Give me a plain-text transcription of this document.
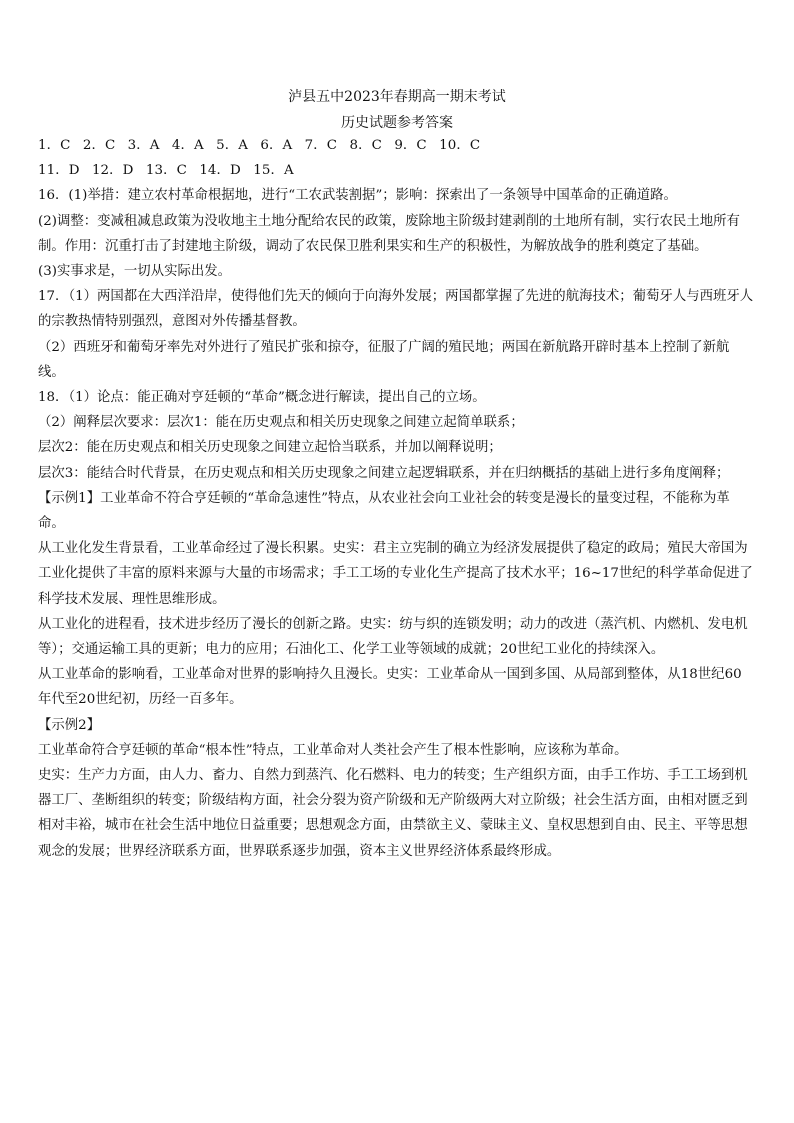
泸县五中2023年春期高一期末考试
历史试题参考答案
1．C 2．C 3．A 4．A 5．A 6．A 7．C 8．C 9．C 10．C
11．D 12．D 13．C 14．D 15．A

16．(1)举措：建立农村革命根据地，进行“工农武装割据”；影响：探索出了一条领导中国革命的正确道路。

(2)调整：变减租减息政策为没收地主土地分配给农民的政策，废除地主阶级封建剥削的土地所有制，实行农民土地所有制。作用：沉重打击了封建地主阶级，调动了农民保卫胜利果实和生产的积极性，为解放战争的胜利奠定了基础。

(3)实事求是，一切从实际出发。

17．（1）两国都在大西洋沿岸，使得他们先天的倾向于向海外发展；两国都掌握了先进的航海技术；葡萄牙人与西班牙人的宗教热情特别强烈，意图对外传播基督教。

（2）西班牙和葡萄牙率先对外进行了殖民扩张和掠夺，征服了广阔的殖民地；两国在新航路开辟时基本上控制了新航线。

18．（1）论点：能正确对亨廷顿的“革命”概念进行解读，提出自己的立场。

（2）阐释层次要求：层次1：能在历史观点和相关历史现象之间建立起简单联系；

层次2：能在历史观点和相关历史现象之间建立起恰当联系，并加以阐释说明；

层次3：能结合时代背景，在历史观点和相关历史现象之间建立起逻辑联系，并在归纳概括的基础上进行多角度阐释；

【示例1】工业革命不符合亨廷顿的“革命急速性”特点，从农业社会向工业社会的转变是漫长的量变过程，不能称为革命。

从工业化发生背景看，工业革命经过了漫长积累。史实：君主立宪制的确立为经济发展提供了稳定的政局；殖民大帝国为工业化提供了丰富的原料来源与大量的市场需求；手工工场的专业化生产提高了技术水平；16~17世纪的科学革命促进了科学技术发展、理性思维形成。

从工业化的进程看，技术进步经历了漫长的创新之路。史实：纺与织的连锁发明；动力的改进（蒸汽机、内燃机、发电机等）；交通运输工具的更新；电力的应用；石油化工、化学工业等领域的成就；20世纪工业化的持续深入。

从工业革命的影响看，工业革命对世界的影响持久且漫长。史实：工业革命从一国到多国、从局部到整体，从18世纪60年代至20世纪初，历经一百多年。

【示例2】

工业革命符合亨廷顿的革命“根本性”特点，工业革命对人类社会产生了根本性影响，应该称为革命。

史实：生产力方面，由人力、畜力、自然力到蒸汽、化石燃料、电力的转变；生产组织方面，由手工作坊、手工工场到机器工厂、垄断组织的转变；阶级结构方面，社会分裂为资产阶级和无产阶级两大对立阶级；社会生活方面，由相对匮乏到相对丰裕，城市在社会生活中地位日益重要；思想观念方面，由禁欲主义、蒙昧主义、皇权思想到自由、民主、平等思想观念的发展；世界经济联系方面，世界联系逐步加强，资本主义世界经济体系最终形成。
